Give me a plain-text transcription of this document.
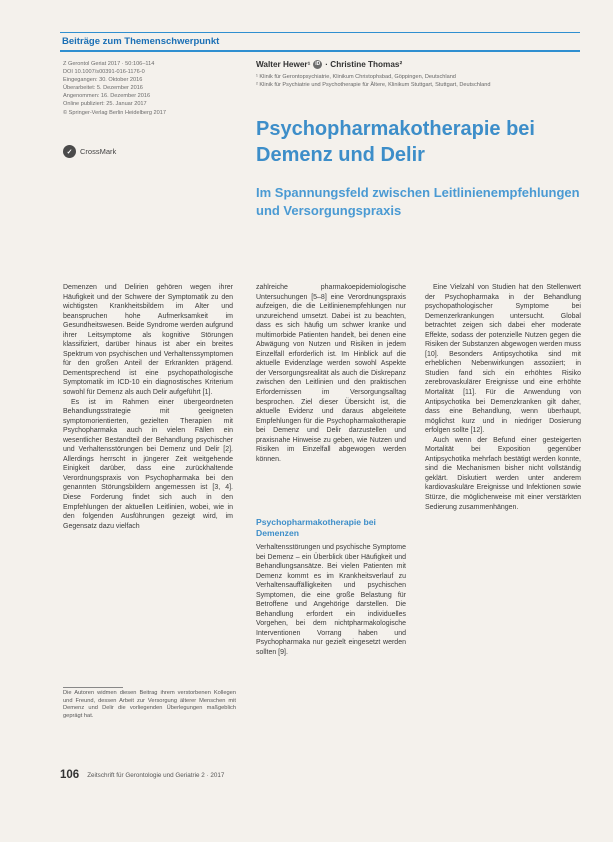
Beiträge zum Themenschwerpunkt
Z Gerontol Geriat 2017 · 50:106–114
DOI 10.1007/s00391-016-1176-0
Eingegangen: 30. Oktober 2016
Überarbeitet: 5. Dezember 2016
Angenommen: 16. Dezember 2016
Online publiziert: 25. Januar 2017
© Springer-Verlag Berlin Heidelberg 2017
✓	CrossMark
Walter Hewer¹	iD · Christine Thomas²
¹ Klinik für Gerontopsychiatrie, Klinikum Christophsbad, Göppingen, Deutschland
² Klinik für Psychiatrie und Psychotherapie für Ältere, Klinikum Stuttgart, Stuttgart, Deutschland
Psychopharmakotherapie bei Demenz und Delir
Im Spannungsfeld zwischen Leitlinienempfehlungen und Versorgungspraxis

Demenzen und Delirien gehören wegen ihrer Häufigkeit und der Schwere der Symptomatik zu den wichtigsten Krankheitsbildern im Alter und beanspruchen hohe Aufmerksamkeit im Gesundheitswesen. Beide Syndrome werden aufgrund ihrer Leitsymptome als kognitive Störungen klassifiziert, darüber hinaus ist aber ein breites Spektrum von psychischen und Verhaltenssymptomen für den großen Anteil der Erkrankten prägend. Dementsprechend ist eine psychopathologische Symptomatik im ICD-10 ein diagnostisches Kriterium sowohl für Demenz als auch Delir aufgeführt [1].

Es ist im Rahmen einer übergeordneten Behandlungsstrategie mit geeigneten symptomorientierten, gezielten Therapien mit Psychopharmaka auch in vielen Fällen ein wesentlicher Bestandteil der Behandlung psychischer und Verhaltensstörungen bei Demenz und Delir [2]. Allerdings herrscht in jüngerer Zeit weitgehende Einigkeit darüber, dass eine zurückhaltende Verordnungspraxis von Psychopharmaka bei den genannten Störungsbildern angemessen ist [3, 4]. Diese Forderung findet sich auch in den Empfehlungen der aktuellen Leitlinien, wobei, wie in den folgenden Ausführungen gezeigt wird, im Gegensatz dazu vielfach

zahlreiche pharmakoepidemiologische Untersuchungen [5–8] eine Verordnungspraxis aufzeigen, die die Leitlinienempfehlungen nur unzureichend umsetzt. Dabei ist zu beachten, dass es sich häufig um schwer kranke und multimorbide Patienten handelt, bei denen eine Abwägung von Nutzen und Risiken in jedem Einzelfall erforderlich ist. Im Hinblick auf die aktuelle Evidenzlage werden sowohl Aspekte der Versorgungsrealität als auch die Diskrepanz zwischen den Leitlinien und den praktischen Erfordernissen im Versorgungsalltag besprochen. Ziel dieser Übersicht ist, die aktuelle Evidenz und daraus abgeleitete Empfehlungen für die Psychopharmakotherapie bei Demenz und Delir darzustellen und praxisnahe Hinweise zu geben, wie Nutzen und Risiken im Einzelfall abgewogen werden können.

Psychopharmakotherapie bei Demenzen

Verhaltensstörungen und psychische Symptome bei Demenz – ein Überblick über Häufigkeit und Behandlungsansätze. Bei vielen Patienten mit Demenz kommt es im Krankheitsverlauf zu Verhaltensauffälligkeiten und psychischen Symptomen, die eine große Belastung für Betroffene und Angehörige darstellen. Die Behandlung erfordert ein individuelles Vorgehen, bei dem nichtpharmakologische Interventionen Vorrang haben und Psychopharmaka nur gezielt eingesetzt werden sollten [9].

Eine Vielzahl von Studien hat den Stellenwert der Psychopharmaka in der Behandlung psychopathologischer Symptome bei Demenzerkrankungen untersucht. Global betrachtet zeigen sich dabei eher moderate Effekte, sodass der potenzielle Nutzen gegen die Risiken der Substanzen abgewogen werden muss [10]. Besonders Antipsychotika sind mit erheblichen Nebenwirkungen assoziiert; in Studien fand sich ein erhöhtes Risiko zerebrovaskulärer Ereignisse und eine erhöhte Mortalität [11]. Für die Anwendung von Antipsychotika bei Demenzkranken gilt daher, dass eine Behandlung, wenn überhaupt, möglichst kurz und in niedriger Dosierung erfolgen sollte [12].

Auch wenn der Befund einer gesteigerten Mortalität bei Exposition gegenüber Antipsychotika mehrfach bestätigt werden konnte, sind die Mechanismen bisher nicht vollständig geklärt. Diskutiert werden unter anderem kardiovaskuläre Ereignisse und Infektionen sowie Stürze, die möglicherweise mit einer verstärkten Sedierung zusammenhängen.

Die Autoren widmen diesen Beitrag ihrem verstorbenen Kollegen und Freund, dessen Arbeit zur Versorgung älterer Menschen mit Demenz und Delir die vorliegenden Überlegungen maßgeblich geprägt hat.
106 Zeitschrift für Gerontologie und Geriatrie 2 · 2017
